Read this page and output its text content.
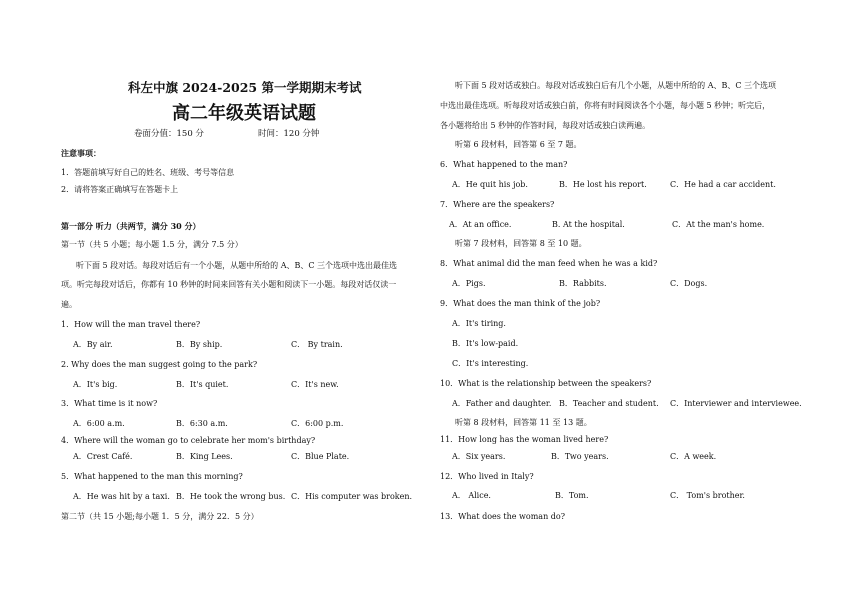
科左中旗 2024-2025 第一学期期末考试
高二年级英语试题
卷面分值：150 分	时间：120 分钟
注意事项：
1．答题前填写好自己的姓名、班级、考号等信息
2．请将答案正确填写在答题卡上
第一部分 听力（共两节，满分 30 分）
第一节（共 5 小题；每小题 1.5 分，满分 7.5 分）
听下面 5 段对话。每段对话后有一个小题，从题中所给的 A、B、C 三个选项中选出最佳选
项。听完每段对话后，你都有 10 秒钟的时间来回答有关小题和阅读下一小题。每段对话仅读一
遍。
1．How will the man travel there?
A．By air.	B．By ship.	C． By train.
2. Why does the man suggest going to the park?
A．It's big.	B．It's quiet.	C．It's new.
3．What time is it now?
A．6:00 a.m.	B．6:30 a.m.	C．6:00 p.m.
4．Where will the woman go to celebrate her mom's birthday?
A．Crest Café.	B．King Lees.	C．Blue Plate.
5．What happened to the man this morning?
A．He was hit by a taxi. B．He took the wrong bus. C．His computer was broken.
第二节（共 15 小题;每小题 1．5 分，满分 22．5 分）
听下面 5 段对话或独白。每段对话或独白后有几个小题，从题中所给的 A、B、C 三个选项
中选出最佳选项。听每段对话或独白前，你将有时间阅读各个小题，每小题 5 秒钟；听完后，
各小题将给出 5 秒钟的作答时间，每段对话或独白读两遍。
听第 6 段材料，回答第 6 至 7 题。
6．What happened to the man?
A．He quit his job.	B．He lost his report.	C．He had a car accident.
7．Where are the speakers?
A．At an office.	B. At the hospital.	C．At the man's home.
听第 7 段材料，回答第 8 至 10 题。
8．What animal did the man feed when he was a kid?
A．Pigs.	B．Rabbits.	C．Dogs.
9．What does the man think of the job?
A．It's tiring.
B．It's low-paid.
C．It's interesting.
10．What is the relationship between the speakers?
A．Father and daughter. B．Teacher and student. C．Interviewer and interviewee.
听第 8 段材料，回答第 11 至 13 题。
11．How long has the woman lived here?
A．Six years.	B．Two years.	C．A week.
12．Who lived in Italy?
A． Alice.	B．Tom.	C． Tom's brother.
13．What does the woman do?
